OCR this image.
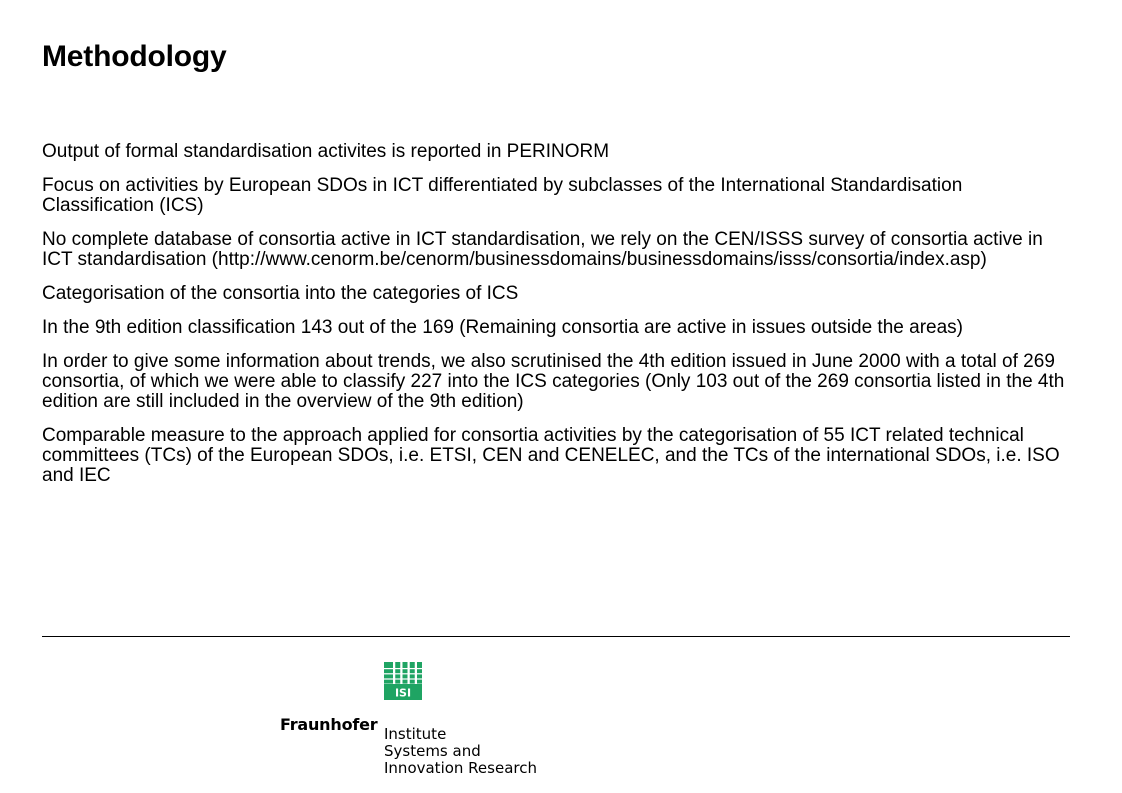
Methodology
Output of formal standardisation activites is reported in PERINORM
Focus on activities by European SDOs in ICT differentiated by subclasses of the International Standardisation Classification (ICS)
No complete database of consortia active in ICT standardisation, we rely on the CEN/ISSS survey of consortia active in ICT standardisation (http://www.cenorm.be/cenorm/businessdomains/businessdomains/isss/consortia/index.asp)
Categorisation of the consortia into the categories of ICS
In the 9th edition classification 143 out of the 169 (Remaining consortia are active in issues outside the areas)
In order to give some information about trends, we also scrutinised the 4th edition issued in June 2000 with a total of 269 consortia, of which we were able to classify 227 into the ICS categories (Only 103 out of the 269 consortia listed in the 4th edition are still included in the overview of the 9th edition)
Comparable measure to the approach applied for consortia activities by the categorisation of 55 ICT related technical committees (TCs) of the European SDOs, i.e. ETSI, CEN and CENELEC, and the TCs of the international SDOs, i.e. ISO and IEC
ISI
Fraunhofer Institute
Systems and
Innovation Research
